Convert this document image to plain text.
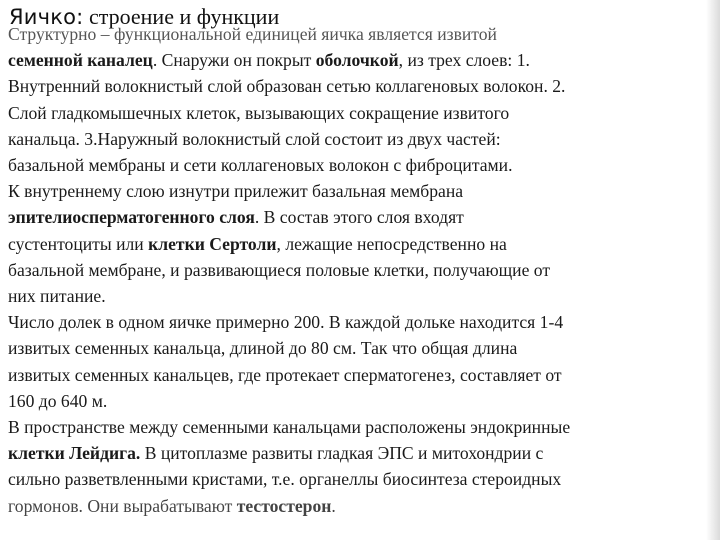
Яичко: строение и функции
Структурно – функциональной единицей яичка является извитой
семенной каналец. Снаружи он покрыт оболочкой, из трех слоев: 1.
Внутренний волокнистый слой образован сетью коллагеновых волокон. 2.
Слой гладкомышечных клеток, вызывающих сокращение извитого
канальца. 3.Наружный волокнистый слой состоит из двух частей:
базальной мембраны и сети коллагеновых волокон с фиброцитами.
К внутреннему слою изнутри прилежит базальная мембрана
эпителиосперматогенного слоя. В состав этого слоя входят
сустентоциты или клетки Сертоли, лежащие непосредственно на
базальной мембране, и развивающиеся половые клетки, получающие от
них питание.
Число долек в одном яичке примерно 200. В каждой дольке находится 1-4
извитых семенных канальца, длиной до 80 см. Так что общая длина
извитых семенных канальцев, где протекает сперматогенез, составляет от
160 до 640 м.
В пространстве между семенными канальцами расположены эндокринные
клетки Лейдига. В цитоплазме развиты гладкая ЭПС и митохондрии с
сильно разветвленными кристами, т.е. органеллы биосинтеза стероидных
гормонов. Они вырабатывают тестостерон.
